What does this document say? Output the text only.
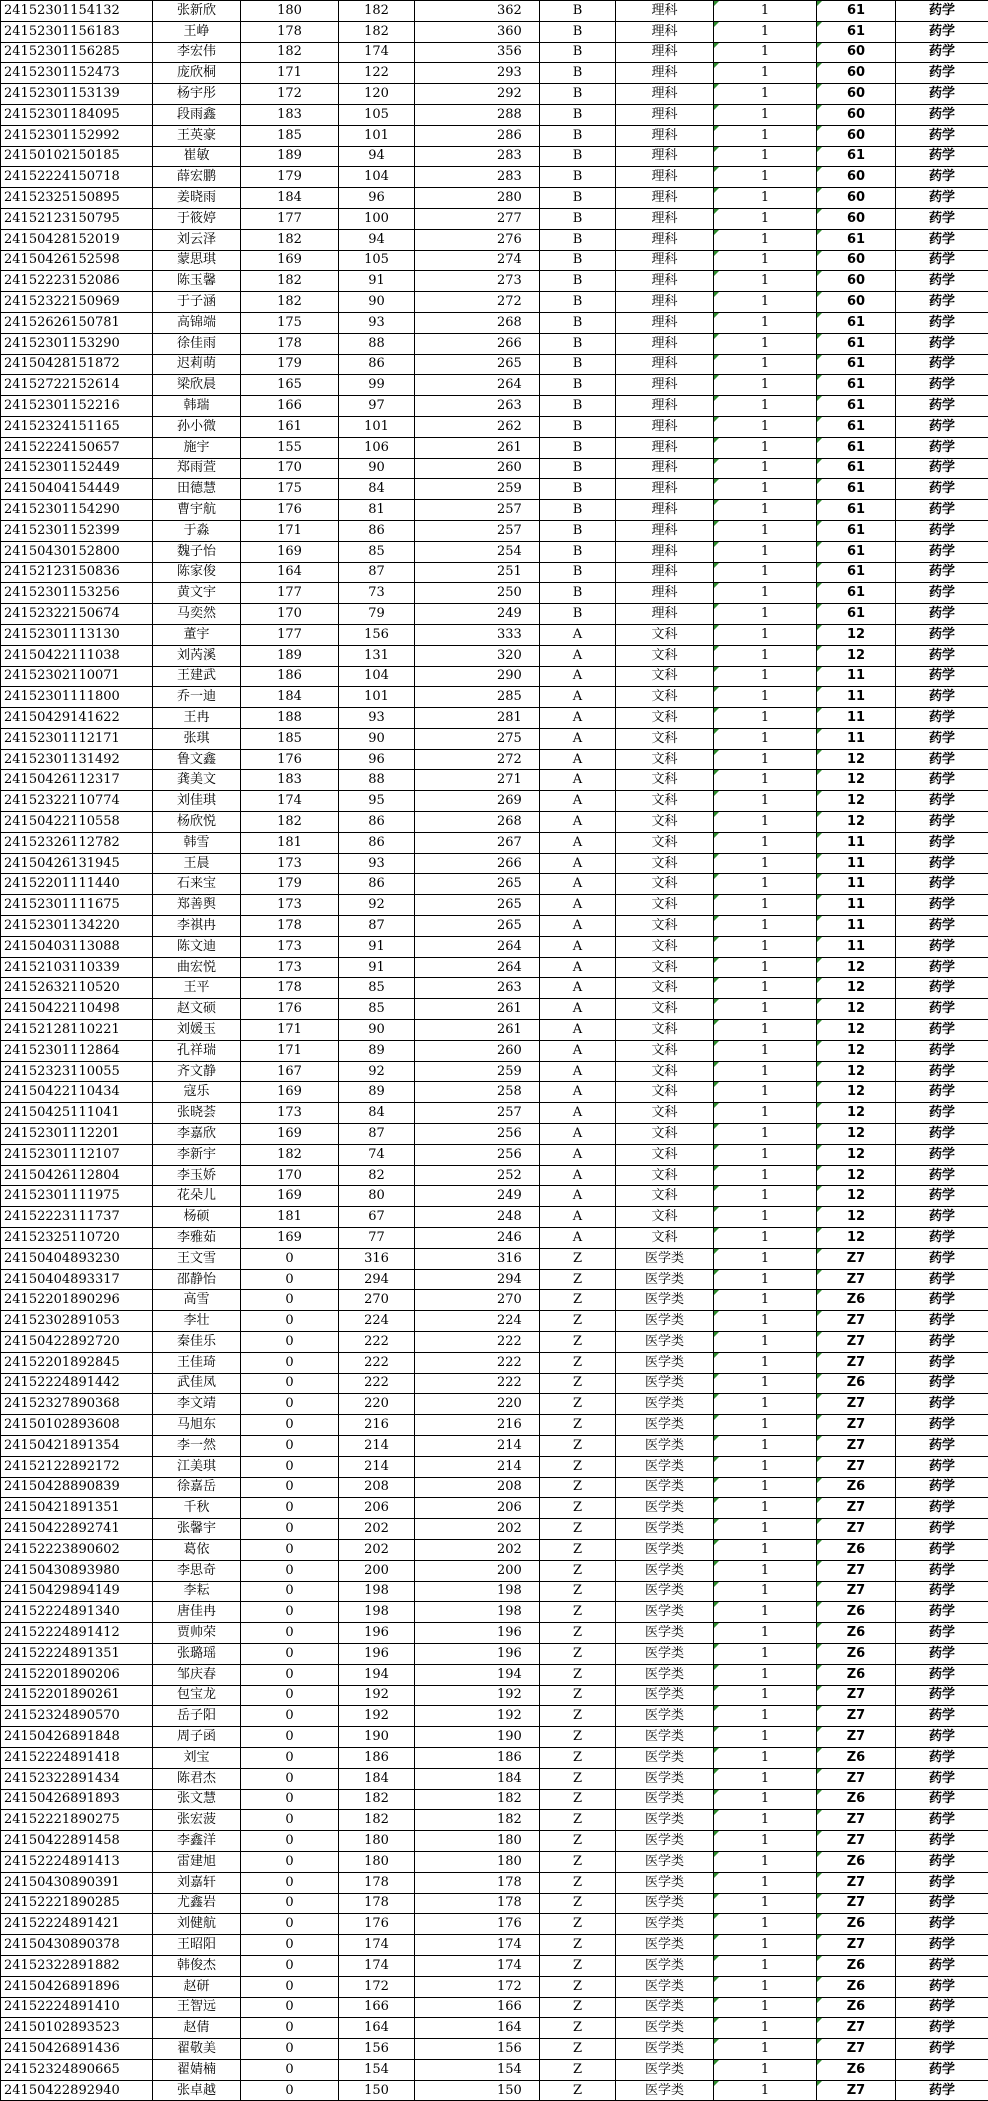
24152301154132	张新欣	180	182	362	B	理科	1	61	药学
24152301156183	王峥	178	182	360	B	理科	1	61	药学
24152301156285	李宏伟	182	174	356	B	理科	1	60	药学
24152301152473	庞欣桐	171	122	293	B	理科	1	60	药学
24152301153139	杨宇彤	172	120	292	B	理科	1	60	药学
24152301184095	段雨鑫	183	105	288	B	理科	1	60	药学
24152301152992	王英豪	185	101	286	B	理科	1	60	药学
24150102150185	崔敏	189	94	283	B	理科	1	61	药学
24152224150718	薛宏鹏	179	104	283	B	理科	1	60	药学
24152325150895	姜晓雨	184	96	280	B	理科	1	60	药学
24152123150795	于筱婷	177	100	277	B	理科	1	60	药学
24150428152019	刘云泽	182	94	276	B	理科	1	61	药学
24150426152598	蒙思琪	169	105	274	B	理科	1	60	药学
24152223152086	陈玉馨	182	91	273	B	理科	1	60	药学
24152322150969	于子涵	182	90	272	B	理科	1	60	药学
24152626150781	高锦端	175	93	268	B	理科	1	61	药学
24152301153290	徐佳雨	178	88	266	B	理科	1	61	药学
24150428151872	迟莉萌	179	86	265	B	理科	1	61	药学
24152722152614	梁欣晨	165	99	264	B	理科	1	61	药学
24152301152216	韩瑞	166	97	263	B	理科	1	61	药学
24152324151165	孙小微	161	101	262	B	理科	1	61	药学
24152224150657	施宇	155	106	261	B	理科	1	61	药学
24152301152449	郑雨萱	170	90	260	B	理科	1	61	药学
24150404154449	田德慧	175	84	259	B	理科	1	61	药学
24152301154290	曹宇航	176	81	257	B	理科	1	61	药学
24152301152399	于淼	171	86	257	B	理科	1	61	药学
24150430152800	魏子怡	169	85	254	B	理科	1	61	药学
24152123150836	陈家俊	164	87	251	B	理科	1	61	药学
24152301153256	黄文宇	177	73	250	B	理科	1	61	药学
24152322150674	马奕然	170	79	249	B	理科	1	61	药学
24152301113130	董宇	177	156	333	A	文科	1	12	药学
24150422111038	刘芮溪	189	131	320	A	文科	1	12	药学
24152302110071	王建武	186	104	290	A	文科	1	11	药学
24152301111800	乔一迪	184	101	285	A	文科	1	11	药学
24150429141622	王冉	188	93	281	A	文科	1	11	药学
24152301112171	张琪	185	90	275	A	文科	1	11	药学
24152301131492	鲁文鑫	176	96	272	A	文科	1	12	药学
24150426112317	龚美文	183	88	271	A	文科	1	12	药学
24152322110774	刘佳琪	174	95	269	A	文科	1	12	药学
24150422110558	杨欣悦	182	86	268	A	文科	1	12	药学
24152326112782	韩雪	181	86	267	A	文科	1	11	药学
24150426131945	王晨	173	93	266	A	文科	1	11	药学
24152201111440	石来宝	179	86	265	A	文科	1	11	药学
24152301111675	郑善舆	173	92	265	A	文科	1	11	药学
24152301134220	李祺冉	178	87	265	A	文科	1	11	药学
24150403113088	陈文迪	173	91	264	A	文科	1	11	药学
24152103110339	曲宏悦	173	91	264	A	文科	1	12	药学
24152632110520	王平	178	85	263	A	文科	1	12	药学
24150422110498	赵文硕	176	85	261	A	文科	1	12	药学
24152128110221	刘媛玉	171	90	261	A	文科	1	12	药学
24152301112864	孔祥瑞	171	89	260	A	文科	1	12	药学
24152323110055	齐文静	167	92	259	A	文科	1	12	药学
24150422110434	寇乐	169	89	258	A	文科	1	12	药学
24150425111041	张晓荟	173	84	257	A	文科	1	12	药学
24152301112201	李嘉欣	169	87	256	A	文科	1	12	药学
24152301112107	李新宇	182	74	256	A	文科	1	12	药学
24150426112804	李玉娇	170	82	252	A	文科	1	12	药学
24152301111975	花朵儿	169	80	249	A	文科	1	12	药学
24152223111737	杨硕	181	67	248	A	文科	1	12	药学
24152325110720	李雅茹	169	77	246	A	文科	1	12	药学
24150404893230	王文雪	0	316	316	Z	医学类	1	Z7	药学
24150404893317	邵静怡	0	294	294	Z	医学类	1	Z7	药学
24152201890296	高雪	0	270	270	Z	医学类	1	Z6	药学
24152302891053	李壮	0	224	224	Z	医学类	1	Z7	药学
24150422892720	秦佳乐	0	222	222	Z	医学类	1	Z7	药学
24152201892845	王佳琦	0	222	222	Z	医学类	1	Z7	药学
24152224891442	武佳凤	0	222	222	Z	医学类	1	Z6	药学
24152327890368	李文靖	0	220	220	Z	医学类	1	Z7	药学
24150102893608	马旭东	0	216	216	Z	医学类	1	Z7	药学
24150421891354	李一然	0	214	214	Z	医学类	1	Z7	药学
24152122892172	江美琪	0	214	214	Z	医学类	1	Z7	药学
24150428890839	徐嘉岳	0	208	208	Z	医学类	1	Z6	药学
24150421891351	千秋	0	206	206	Z	医学类	1	Z7	药学
24150422892741	张馨宇	0	202	202	Z	医学类	1	Z7	药学
24152223890602	葛依	0	202	202	Z	医学类	1	Z6	药学
24150430893980	李思奇	0	200	200	Z	医学类	1	Z7	药学
24150429894149	李耘	0	198	198	Z	医学类	1	Z7	药学
24152224891340	唐佳冉	0	198	198	Z	医学类	1	Z6	药学
24152224891412	贾帅荣	0	196	196	Z	医学类	1	Z6	药学
24152224891351	张璐瑶	0	196	196	Z	医学类	1	Z6	药学
24152201890206	邹庆春	0	194	194	Z	医学类	1	Z6	药学
24152201890261	包宝龙	0	192	192	Z	医学类	1	Z7	药学
24152324890570	岳子阳	0	192	192	Z	医学类	1	Z7	药学
24150426891848	周子函	0	190	190	Z	医学类	1	Z7	药学
24152224891418	刘宝	0	186	186	Z	医学类	1	Z6	药学
24152322891434	陈君杰	0	184	184	Z	医学类	1	Z7	药学
24150426891893	张文慧	0	182	182	Z	医学类	1	Z6	药学
24152221890275	张宏菠	0	182	182	Z	医学类	1	Z7	药学
24150422891458	李鑫洋	0	180	180	Z	医学类	1	Z7	药学
24152224891413	雷建旭	0	180	180	Z	医学类	1	Z6	药学
24150430890391	刘嘉轩	0	178	178	Z	医学类	1	Z7	药学
24152221890285	尤鑫岩	0	178	178	Z	医学类	1	Z7	药学
24152224891421	刘健航	0	176	176	Z	医学类	1	Z6	药学
24150430890378	王昭阳	0	174	174	Z	医学类	1	Z7	药学
24152322891882	韩俊杰	0	174	174	Z	医学类	1	Z6	药学
24150426891896	赵研	0	172	172	Z	医学类	1	Z6	药学
24152224891410	王智远	0	166	166	Z	医学类	1	Z6	药学
24150102893523	赵倩	0	164	164	Z	医学类	1	Z7	药学
24150426891436	翟敬美	0	156	156	Z	医学类	1	Z7	药学
24152324890665	翟婧楠	0	154	154	Z	医学类	1	Z6	药学
24150422892940	张卓越	0	150	150	Z	医学类	1	Z7	药学
